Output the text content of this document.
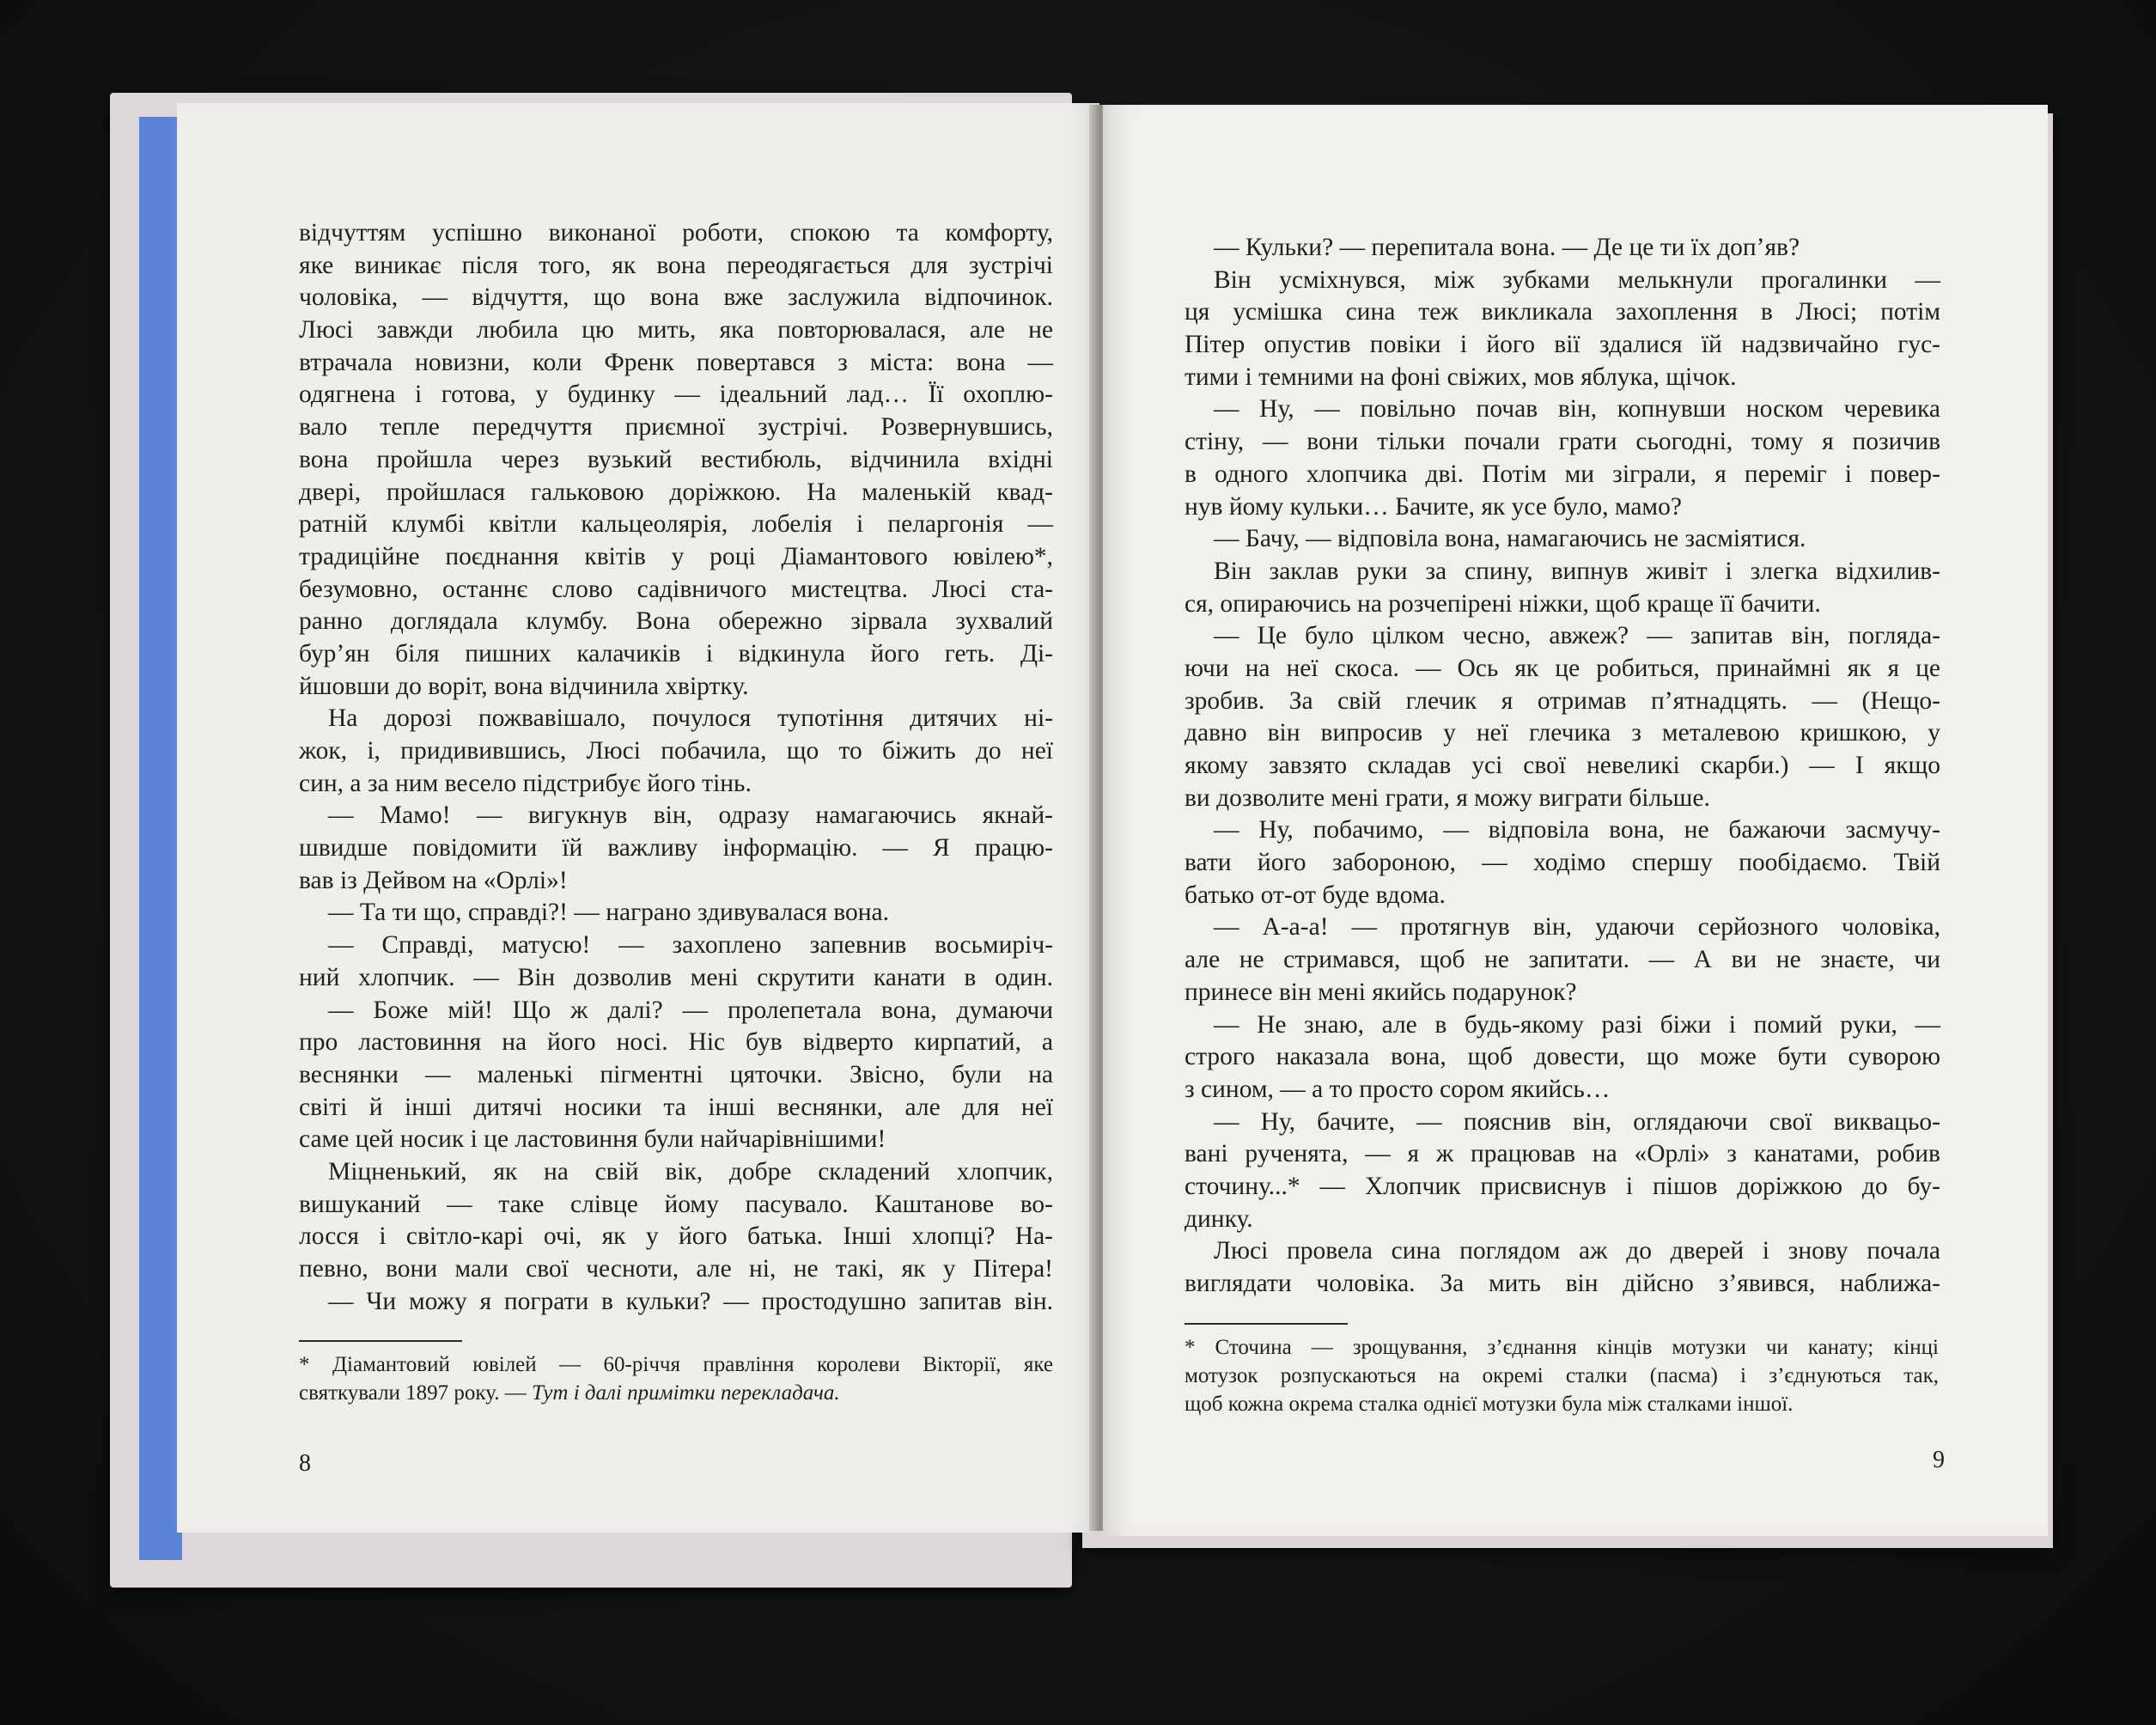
відчуттям успішно виконаної роботи, спокою та комфорту,
яке виникає після того, як вона переодягається для зустрічі
чоловіка, — відчуття, що вона вже заслужила відпочинок.
Люсі завжди любила цю мить, яка повторювалася, але не
втрачала новизни, коли Френк повертався з міста: вона —
одягнена і готова, у будинку — ідеальний лад… Її охоплю-
вало тепле передчуття приємної зустрічі. Розвернувшись,
вона пройшла через вузький вестибюль, відчинила вхідні
двері, пройшлася гальковою доріжкою. На маленькій квад-
ратній клумбі квітли кальцеолярія, лобелія і пеларгонія —
традиційне поєднання квітів у році Діамантового ювілею*,
безумовно, останнє слово садівничого мистецтва. Люсі ста-
ранно доглядала клумбу. Вона обережно зірвала зухвалий
бур’ян біля пишних калачиків і відкинула його геть. Ді-
йшовши до воріт, вона відчинила хвіртку.
На дорозі пожвавішало, почулося тупотіння дитячих ні-
жок, і, придивившись, Люсі побачила, що то біжить до неї
син, а за ним весело підстрибує його тінь.
— Мамо! — вигукнув він, одразу намагаючись якнай-
швидше повідомити їй важливу інформацію. — Я працю-
вав із Дейвом на «Орлі»!
— Та ти що, справді?! — награно здивувалася вона.
— Справді, матусю! — захоплено запевнив восьмиріч-
ний хлопчик. — Він дозволив мені скрутити канати в один.
— Боже мій! Що ж далі? — пролепетала вона, думаючи
про ластовиння на його носі. Ніс був відверто кирпатий, а
веснянки — маленькі пігментні цяточки. Звісно, були на
світі й інші дитячі носики та інші веснянки, але для неї
саме цей носик і це ластовиння були найчарівнішими!
Міцненький, як на свій вік, добре складений хлопчик,
вишуканий — таке слівце йому пасувало. Каштанове во-
лосся і світло-карі очі, як у його батька. Інші хлопці? На-
певно, вони мали свої чесноти, але ні, не такі, як у Пітера!
— Чи можу я пограти в кульки? — простодушно запитав він.
* Діамантовий ювілей — 60-річчя правління королеви Вікторії, яке
святкували 1897 року. — Тут і далі примітки перекладача.
8
— Кульки? — перепитала вона. — Де це ти їх доп’яв?
Він усміхнувся, між зубками мелькнули прогалинки —
ця усмішка сина теж викликала захоплення в Люсі; потім
Пітер опустив повіки і його вії здалися їй надзвичайно гус-
тими і темними на фоні свіжих, мов яблука, щічок.
— Ну, — повільно почав він, копнувши носком черевика
стіну, — вони тільки почали грати сьогодні, тому я позичив
в одного хлопчика дві. Потім ми зіграли, я переміг і повер-
нув йому кульки… Бачите, як усе було, мамо?
— Бачу, — відповіла вона, намагаючись не засміятися.
Він заклав руки за спину, випнув живіт і злегка відхилив-
ся, опираючись на розчепірені ніжки, щоб краще її бачити.
— Це було цілком чесно, авжеж? — запитав він, погляда-
ючи на неї скоса. — Ось як це робиться, принаймні як я це
зробив. За свій глечик я отримав п’ятнадцять. — (Нещо-
давно він випросив у неї глечика з металевою кришкою, у
якому завзято складав усі свої невеликі скарби.) — І якщо
ви дозволите мені грати, я можу виграти більше.
— Ну, побачимо, — відповіла вона, не бажаючи засмучу-
вати його забороною, — ходімо спершу пообідаємо. Твій
батько от-от буде вдома.
— А-а-а! — протягнув він, удаючи серйозного чоловіка,
але не стримався, щоб не запитати. — А ви не знаєте, чи
принесе він мені якийсь подарунок?
— Не знаю, але в будь-якому разі біжи і помий руки, —
строго наказала вона, щоб довести, що може бути суворою
з сином, — а то просто сором якийсь…
— Ну, бачите, — пояснив він, оглядаючи свої виквацьо-
вані рученята, — я ж працював на «Орлі» з канатами, робив
сточину...* — Хлопчик присвиснув і пішов доріжкою до бу-
динку.
Люсі провела сина поглядом аж до дверей і знову почала
виглядати чоловіка. За мить він дійсно з’явився, наближа-
* Сточина — зрощування, з’єднання кінців мотузки чи канату; кінці
мотузок розпускаються на окремі сталки (пасма) і з’єднуються так,
щоб кожна окрема сталка однієї мотузки була між сталками іншої.
9
